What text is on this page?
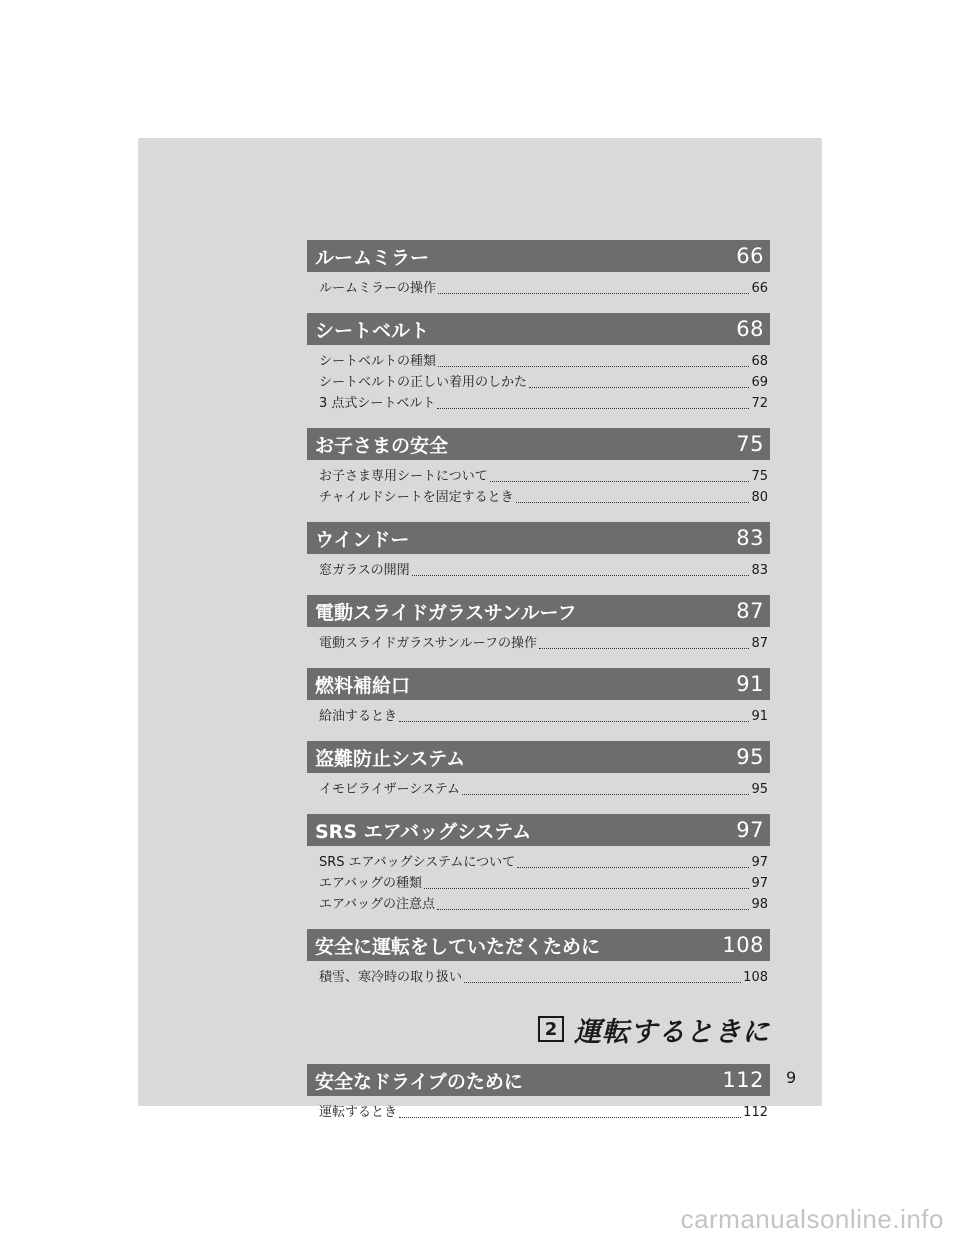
ルームミラー	66
ルームミラーの操作	66
シートベルト	68
シートベルトの種類	68
シートベルトの正しい着用のしかた	69
3 点式シートベルト	72
お子さまの安全	75
お子さま専用シートについて	75
チャイルドシートを固定するとき	80
ウインドー	83
窓ガラスの開閉	83
電動スライドガラスサンルーフ	87
電動スライドガラスサンルーフの操作	87
燃料補給口	91
給油するとき	91
盗難防止システム	95
イモビライザーシステム	95
SRS エアバッグシステム	97
SRS エアバッグシステムについて	97
エアバッグの種類	97
エアバッグの注意点	98
安全に運転をしていただくために	108
積雪、寒冷時の取り扱い	108
2 運転するときに
安全なドライブのために	112
運転するとき	112
9
carmanualsonline.info
